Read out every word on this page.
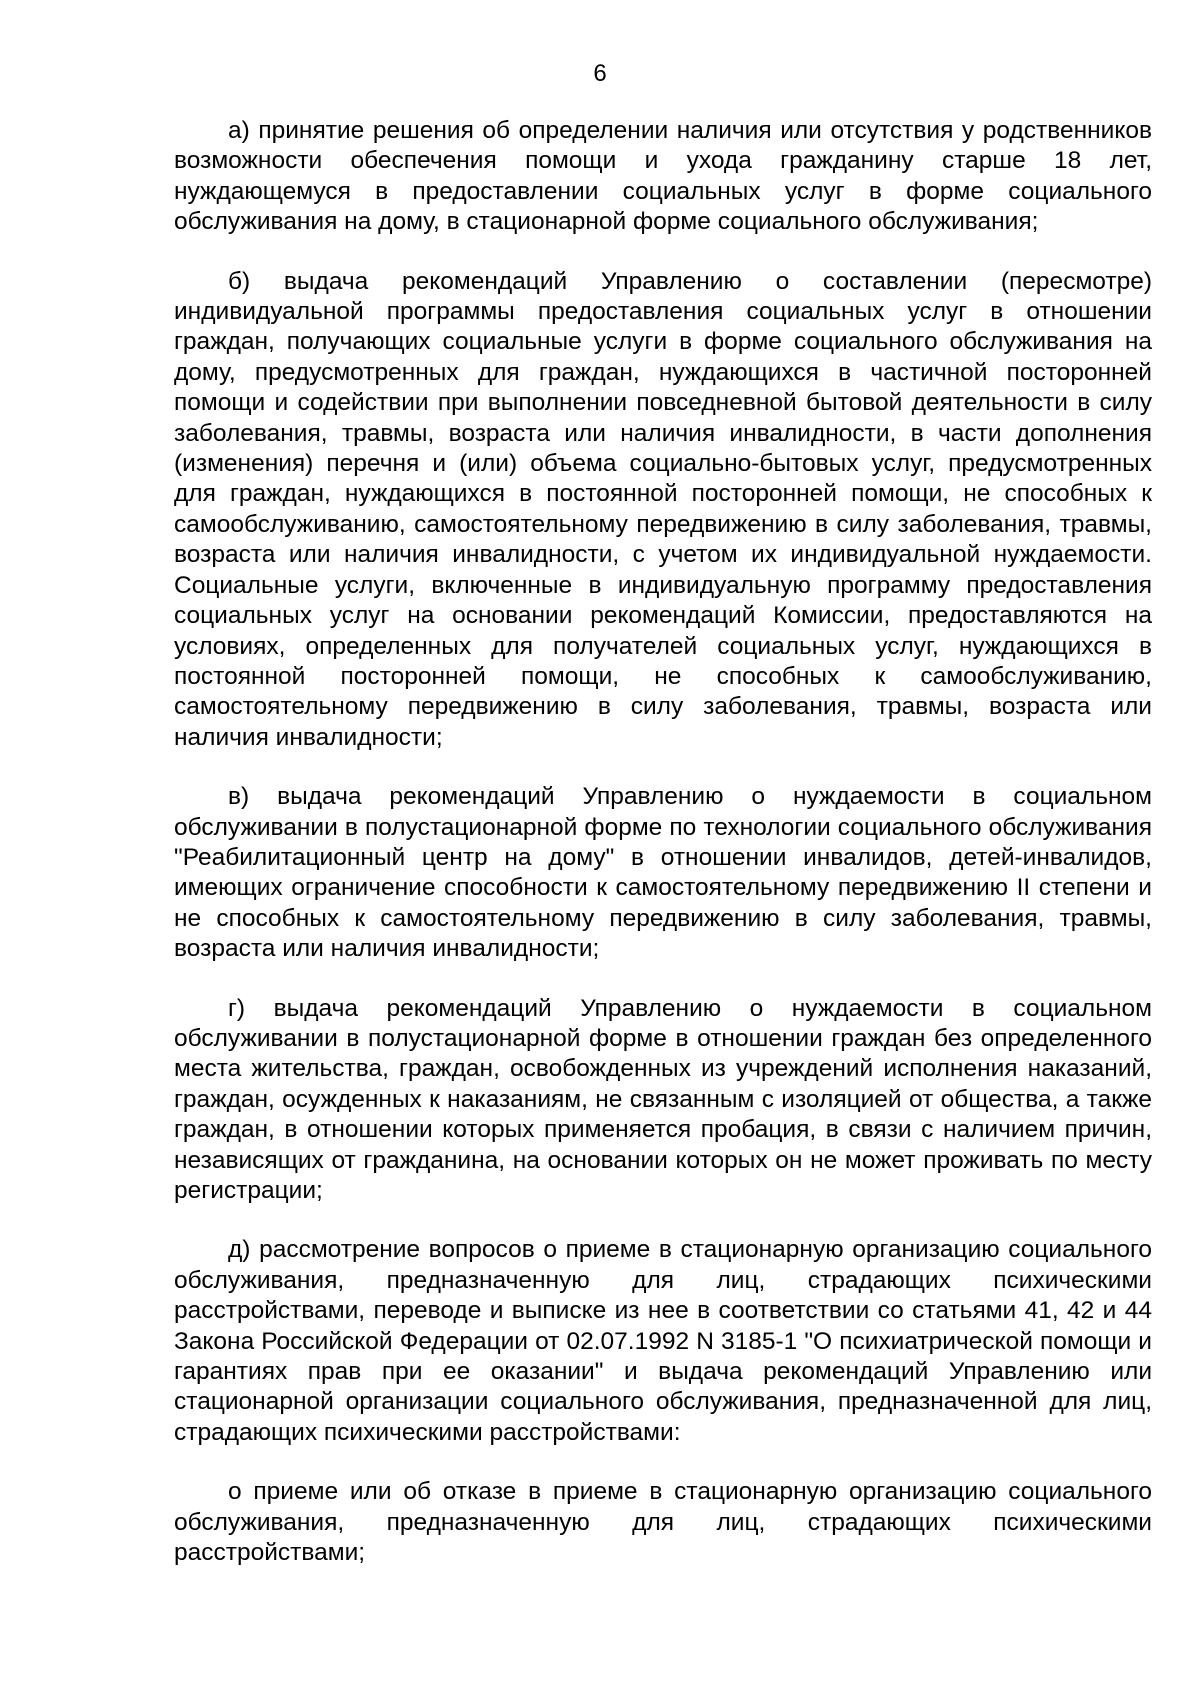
6

а) принятие решения об определении наличия или отсутствия у родственников возможности обеспечения помощи и ухода гражданину старше 18 лет, нуждающемуся в предоставлении социальных услуг в форме социального обслуживания на дому, в стационарной форме социального обслуживания;

б) выдача рекомендаций Управлению о составлении (пересмотре) индивидуальной программы предоставления социальных услуг в отношении граждан, получающих социальные услуги в форме социального обслуживания на дому, предусмотренных для граждан, нуждающихся в частичной посторонней помощи и содействии при выполнении повседневной бытовой деятельности в силу заболевания, травмы, возраста или наличия инвалидности, в части дополнения (изменения) перечня и (или) объема социально-бытовых услуг, предусмотренных для граждан, нуждающихся в постоянной посторонней помощи, не способных к самообслуживанию, самостоятельному передвижению в силу заболевания, травмы, возраста или наличия инвалидности, с учетом их индивидуальной нуждаемости. Социальные услуги, включенные в индивидуальную программу предоставления социальных услуг на основании рекомендаций Комиссии, предоставляются на условиях, определенных для получателей социальных услуг, нуждающихся в постоянной посторонней помощи, не способных к самообслуживанию, самостоятельному передвижению в силу заболевания, травмы, возраста или наличия инвалидности;

в) выдача рекомендаций Управлению о нуждаемости в социальном обслуживании в полустационарной форме по технологии социального обслуживания "Реабилитационный центр на дому" в отношении инвалидов, детей-инвалидов, имеющих ограничение способности к самостоятельному передвижению II степени и не способных к самостоятельному передвижению в силу заболевания, травмы, возраста или наличия инвалидности;

г) выдача рекомендаций Управлению о нуждаемости в социальном обслуживании в полустационарной форме в отношении граждан без определенного места жительства, граждан, освобожденных из учреждений исполнения наказаний, граждан, осужденных к наказаниям, не связанным с изоляцией от общества, а также граждан, в отношении которых применяется пробация, в связи с наличием причин, независящих от гражданина, на основании которых он не может проживать по месту регистрации;

д) рассмотрение вопросов о приеме в стационарную организацию социального обслуживания, предназначенную для лиц, страдающих психическими расстройствами, переводе и выписке из нее в соответствии со статьями 41, 42 и 44 Закона Российской Федерации от 02.07.1992 N 3185-1 "О психиатрической помощи и гарантиях прав при ее оказании" и выдача рекомендаций Управлению или стационарной организации социального обслуживания, предназначенной для лиц, страдающих психическими расстройствами:

о приеме или об отказе в приеме в стационарную организацию социального обслуживания, предназначенную для лиц, страдающих психическими расстройствами;
